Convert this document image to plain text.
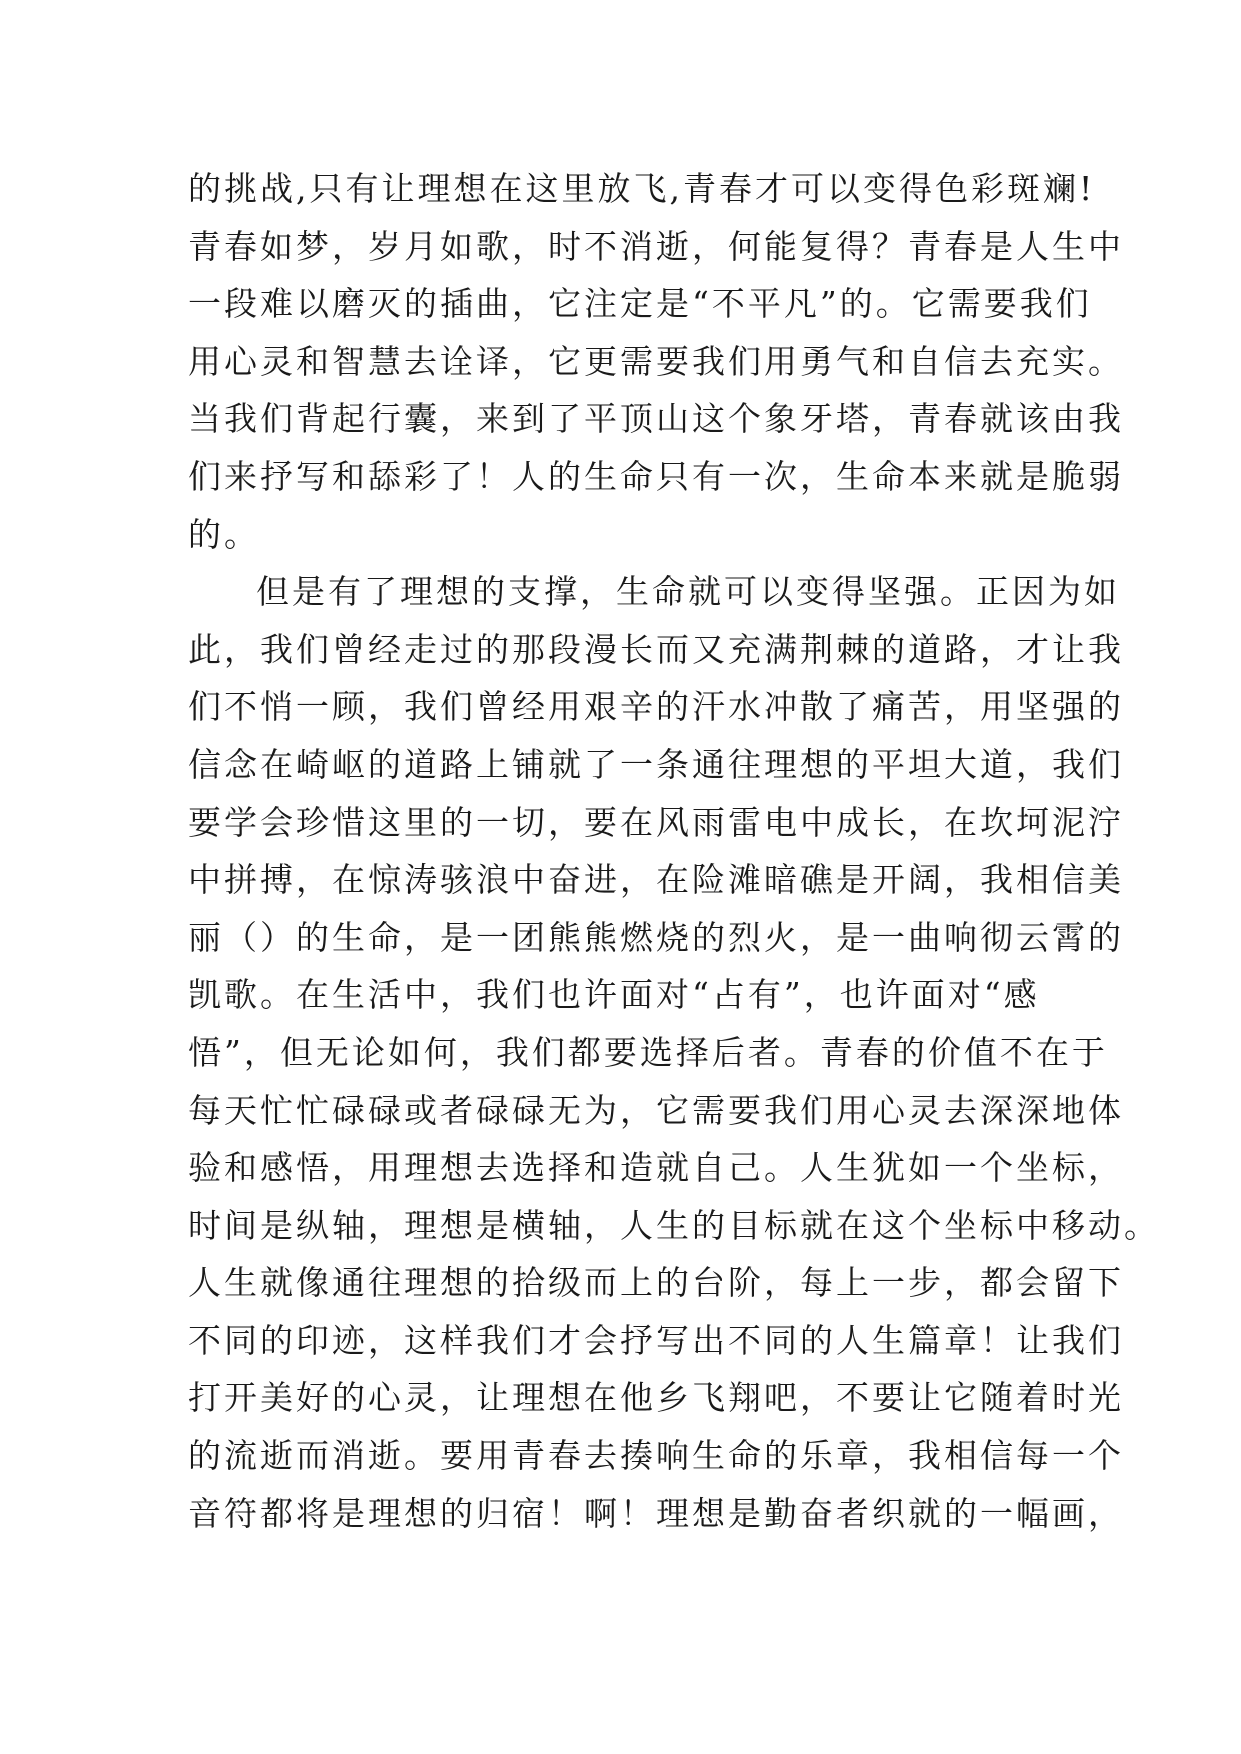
的挑战,只有让理想在这里放飞,青春才可以变得色彩斑斓!
青春如梦，岁月如歌，时不消逝，何能复得？青春是人生中
一段难以磨灭的插曲，它注定是“不平凡”的。它需要我们
用心灵和智慧去诠译，它更需要我们用勇气和自信去充实。
当我们背起行囊，来到了平顶山这个象牙塔，青春就该由我
们来抒写和舔彩了！人的生命只有一次，生命本来就是脆弱
的。
但是有了理想的支撑，生命就可以变得坚强。正因为如
此，我们曾经走过的那段漫长而又充满荆棘的道路，才让我
们不悄一顾，我们曾经用艰辛的汗水冲散了痛苦，用坚强的
信念在崎岖的道路上铺就了一条通往理想的平坦大道，我们
要学会珍惜这里的一切，要在风雨雷电中成长，在坎坷泥泞
中拼搏，在惊涛骇浪中奋进，在险滩暗礁是开阔，我相信美
丽（）的生命，是一团熊熊燃烧的烈火，是一曲响彻云霄的
凯歌。在生活中，我们也许面对“占有”，也许面对“感
悟”，但无论如何，我们都要选择后者。青春的价值不在于
每天忙忙碌碌或者碌碌无为，它需要我们用心灵去深深地体
验和感悟，用理想去选择和造就自己。人生犹如一个坐标，
时间是纵轴，理想是横轴，人生的目标就在这个坐标中移动。
人生就像通往理想的拾级而上的台阶，每上一步，都会留下
不同的印迹，这样我们才会抒写出不同的人生篇章！让我们
打开美好的心灵，让理想在他乡飞翔吧，不要让它随着时光
的流逝而消逝。要用青春去揍响生命的乐章，我相信每一个
音符都将是理想的归宿！啊！理想是勤奋者织就的一幅画，
